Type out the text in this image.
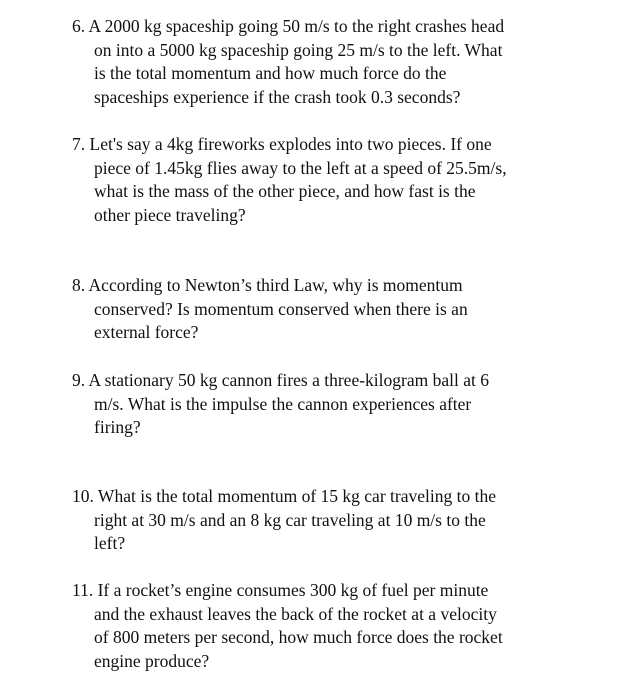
6. A 2000 kg spaceship going 50 m/s to the right crashes head
on into a 5000 kg spaceship going 25 m/s to the left. What
is the total momentum and how much force do the
spaceships experience if the crash took 0.3 seconds?
7. Let's say a 4kg fireworks explodes into two pieces. If one
piece of 1.45kg flies away to the left at a speed of 25.5m/s,
what is the mass of the other piece, and how fast is the
other piece traveling?
8. According to Newton’s third Law, why is momentum
conserved? Is momentum conserved when there is an
external force?
9. A stationary 50 kg cannon fires a three-kilogram ball at 6
m/s. What is the impulse the cannon experiences after
firing?
10. What is the total momentum of 15 kg car traveling to the
right at 30 m/s and an 8 kg car traveling at 10 m/s to the
left?
11. If a rocket’s engine consumes 300 kg of fuel per minute
and the exhaust leaves the back of the rocket at a velocity
of 800 meters per second, how much force does the rocket
engine produce?
